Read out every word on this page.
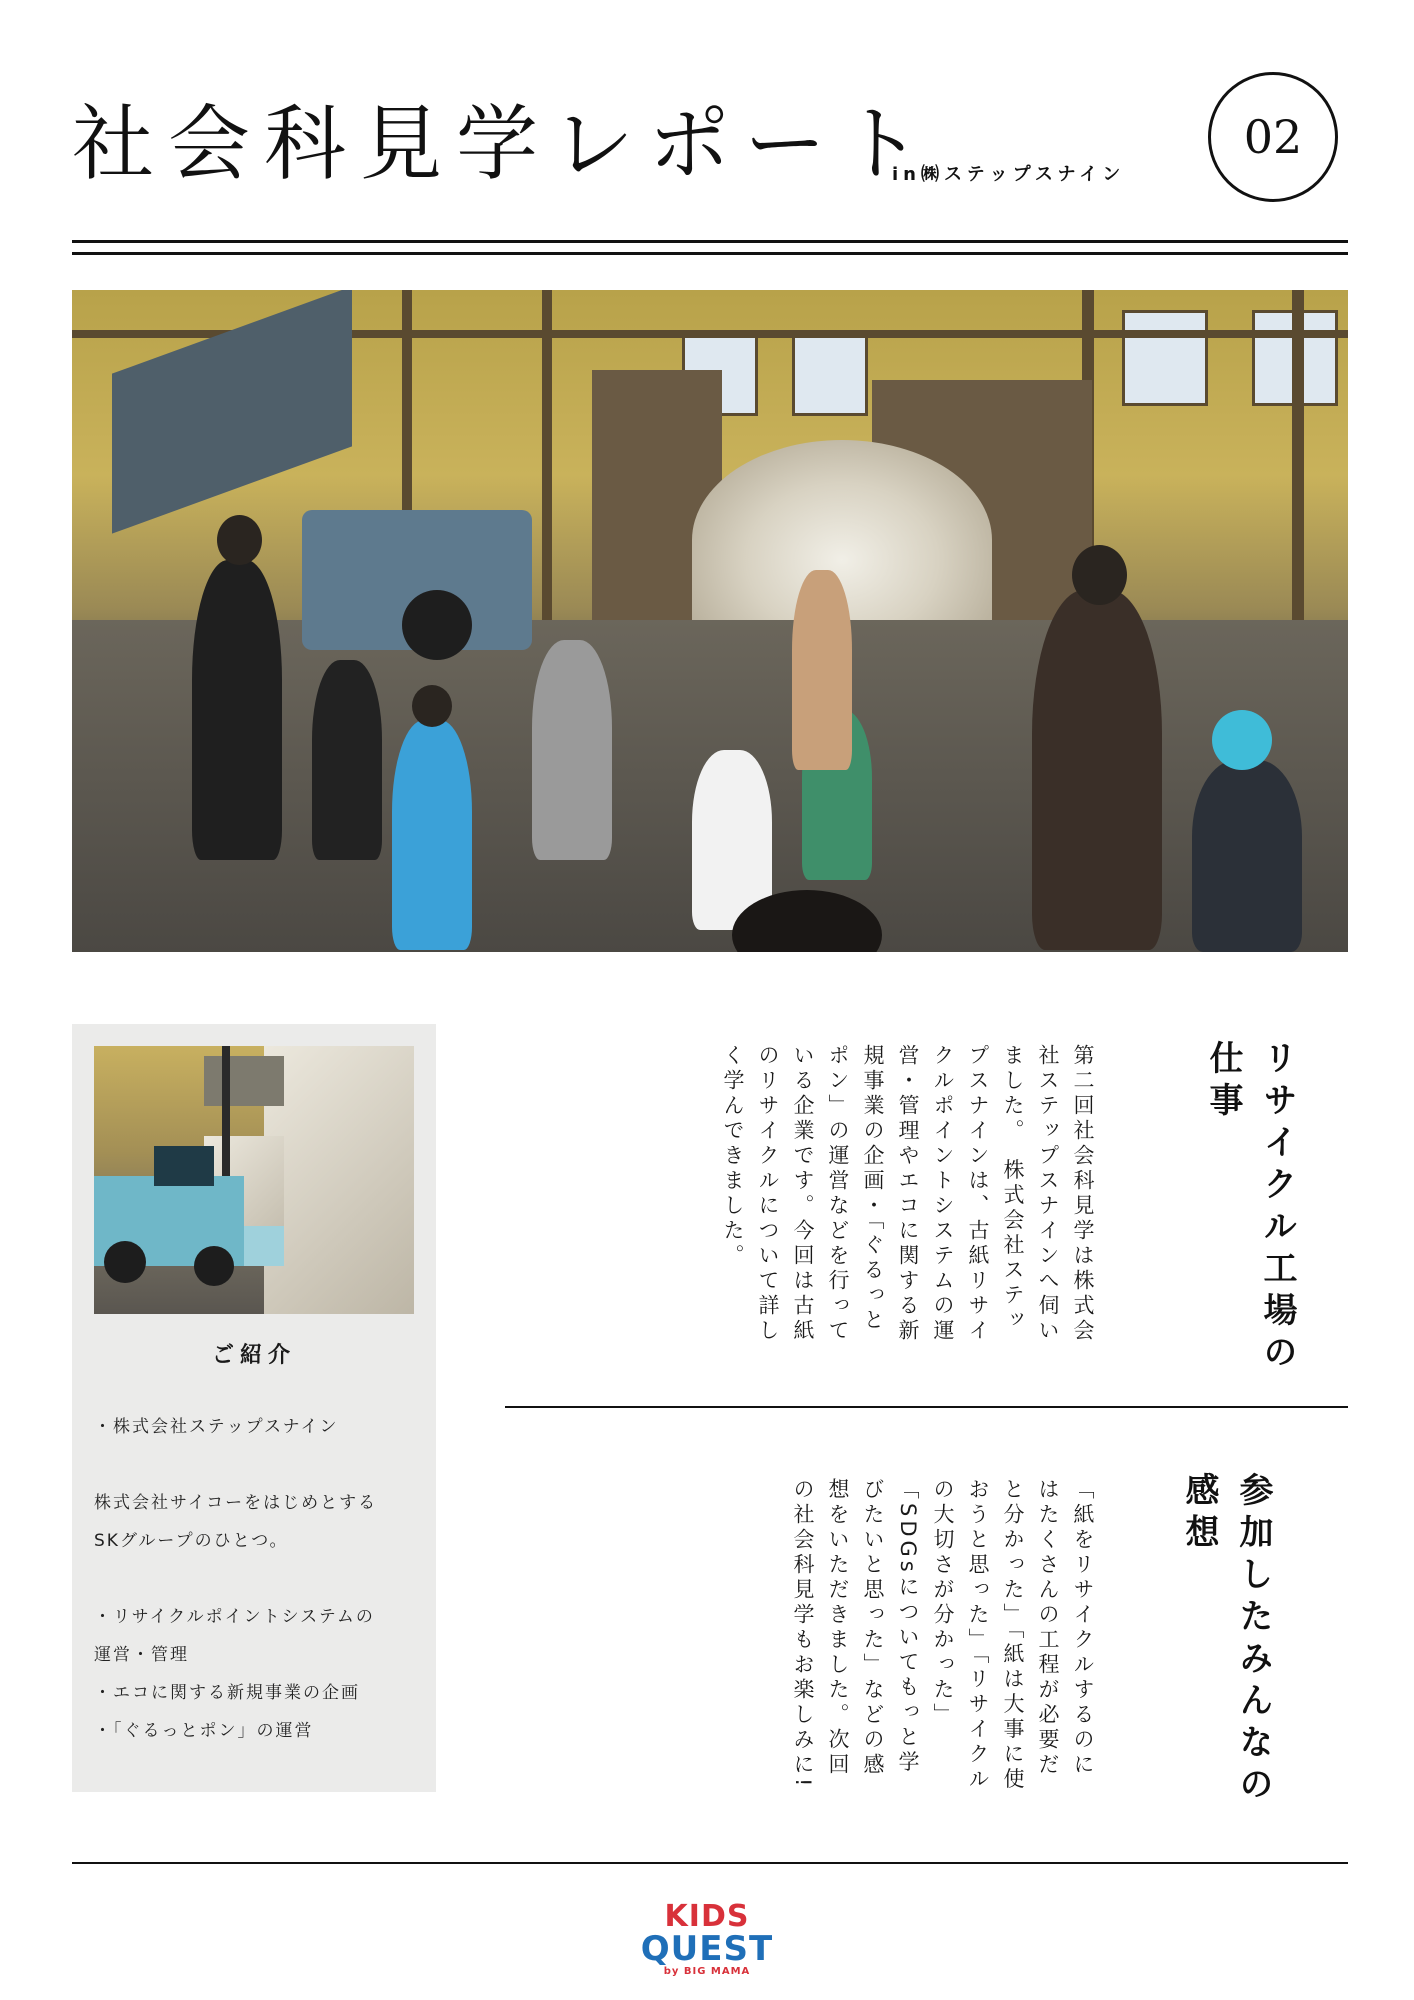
社会科見学レポート
in㈱ステップスナイン
02
ご紹介
・株式会社ステップスナイン
株式会社サイコーをはじめとする
SKグループのひとつ。
・リサイクルポイントシステムの
運営・管理
・エコに関する新規事業の企画
・「ぐるっとポン」の運営
リサイクル工場の仕事
第二回社会科見学は株式会社ステップスナインへ伺いました。　株式会社ステップスナインは、古紙リサイクルポイントシステムの運営・管理やエコに関する新規事業の企画・「ぐるっとポン」の運営などを行っている企業です。今回は古紙のリサイクルについて詳しく学んできました。
参加したみんなの感想
「紙をリサイクルするのにはたくさんの工程が必要だと分かった」「紙は大事に使おうと思った」「リサイクルの大切さが分かった」「SDGsについてもっと学びたいと思った」などの感想をいただきました。次回の社会科見学もお楽しみに!
KIDS
QUEST
by BIG MAMA
